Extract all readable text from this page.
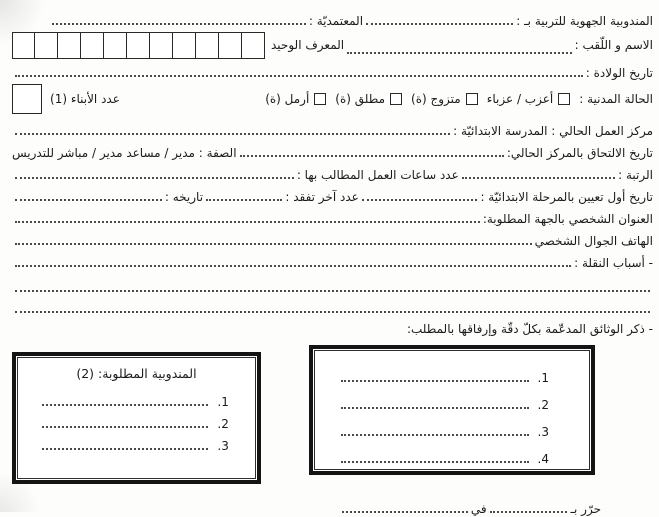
المندوبية الجهوية للتربية بـ :
المعتمديّة :
الاسم و اللّقب :
المعرف الوحيد
تاريخ الولادة :
الحالة المدنية :
أعزب / عزباء
متزوج (ة)
مطلق (ة)
أرمل (ة)
عدد الأبناء (1)
مركز العمل الحالي : المدرسة الابتدائيّة :
تاريخ الالتحاق بالمركز الحالي:
الصفة : مدير / مساعد مدير / مباشر للتدريس
الرتبة :
عدد ساعات العمل المطالب بها :
تاريخ أول تعيين بالمرحلة الابتدائيّة :
عدد آخر تفقد :
تاريخه :
العنوان الشخصي بالجهة المطلوبة:
الهاتف الجوال الشخصي
- أسباب النقلة :
- ذكر الوثائق المدعّمة بكلّ دقّة وإرفاقها بالمطلب:
1.
2.
3.
4.
المندوبية المطلوبة: (2)
1.
2.
3.
حرّر بـ
في
